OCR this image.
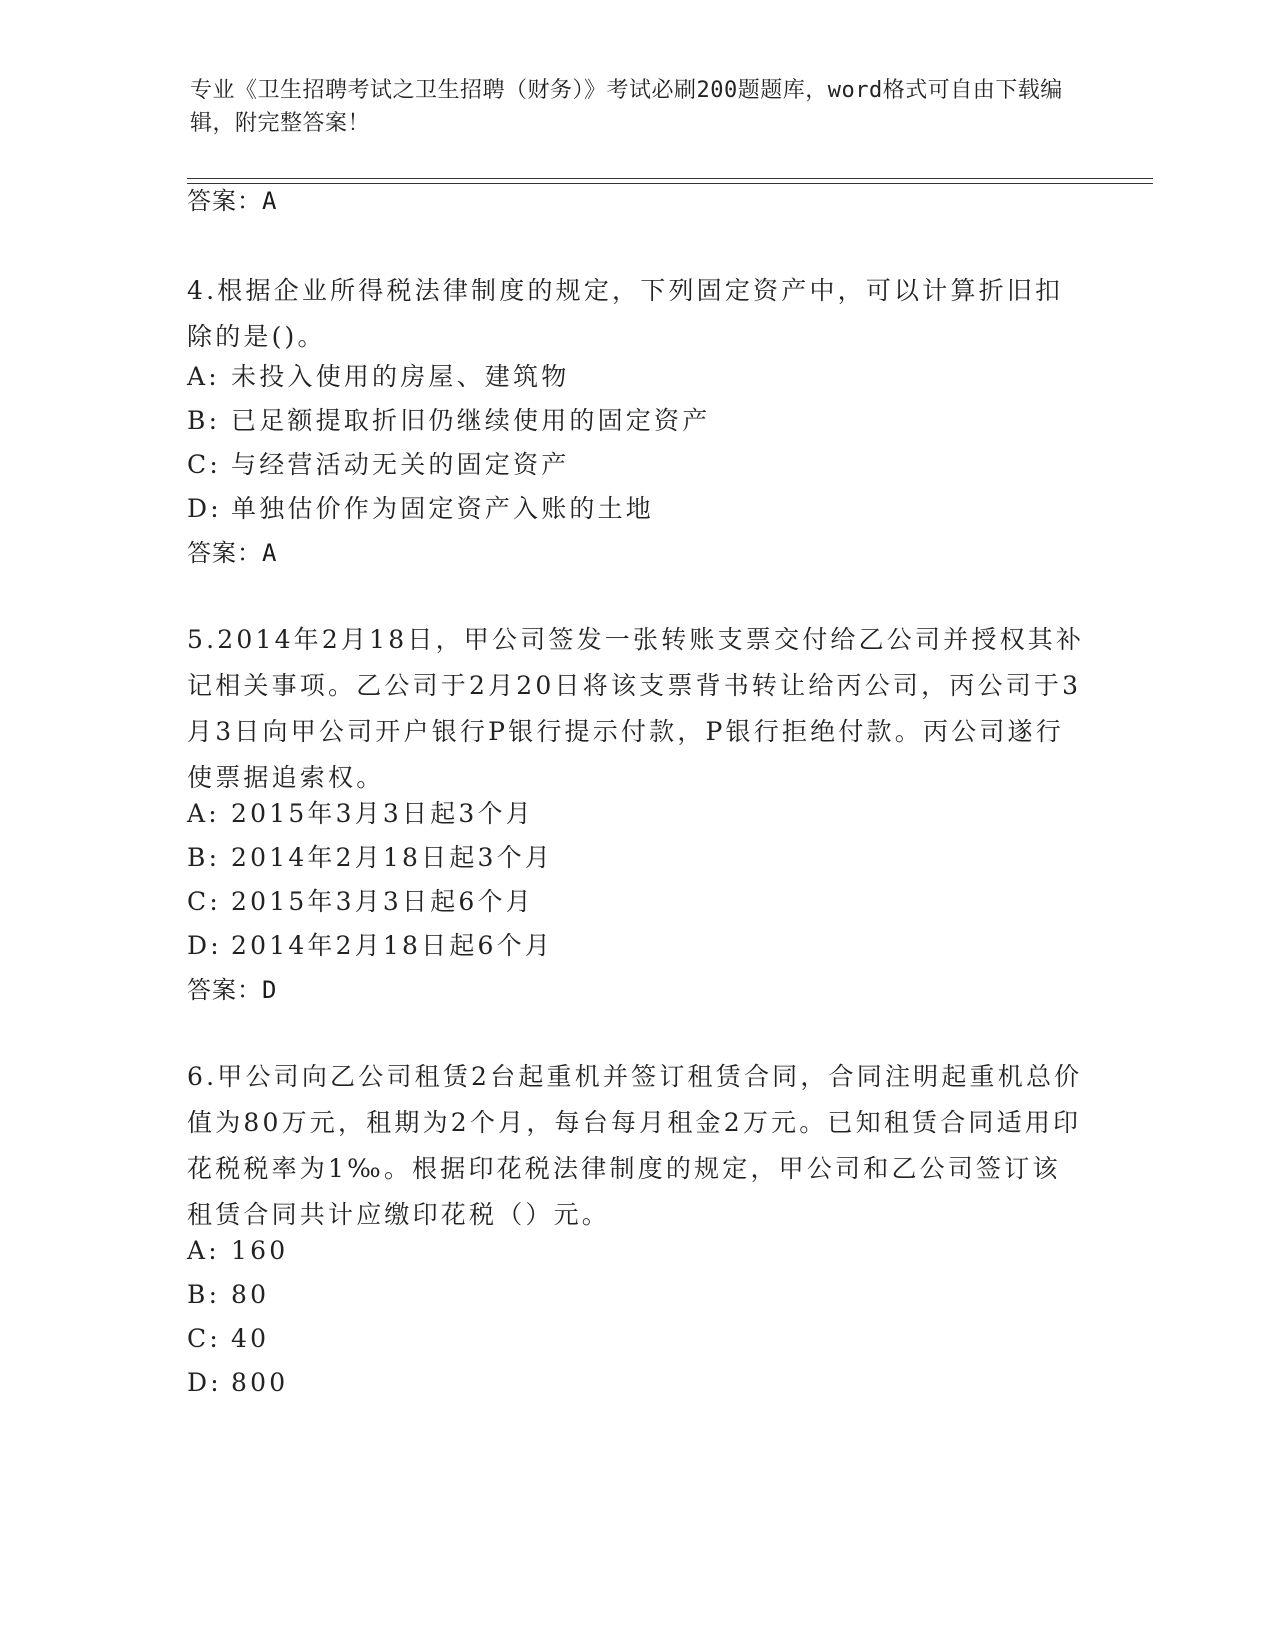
专业《卫生招聘考试之卫生招聘（财务）》考试必刷200题题库，word格式可自由下载编辑，附完整答案！
答案：A
4.根据企业所得税法律制度的规定，下列固定资产中，可以计算折旧扣除的是()。
A: 未投入使用的房屋、建筑物
B: 已足额提取折旧仍继续使用的固定资产
C: 与经营活动无关的固定资产
D: 单独估价作为固定资产入账的土地
答案：A
5.2014年2月18日，甲公司签发一张转账支票交付给乙公司并授权其补记相关事项。乙公司于2月20日将该支票背书转让给丙公司，丙公司于3月3日向甲公司开户银行P银行提示付款，P银行拒绝付款。丙公司遂行使票据追索权。
A: 2015年3月3日起3个月
B: 2014年2月18日起3个月
C: 2015年3月3日起6个月
D: 2014年2月18日起6个月
答案：D
6.甲公司向乙公司租赁2台起重机并签订租赁合同，合同注明起重机总价值为80万元，租期为2个月，每台每月租金2万元。已知租赁合同适用印花税税率为1‰。根据印花税法律制度的规定，甲公司和乙公司签订该租赁合同共计应缴印花税（）元。
A: 160
B: 80
C: 40
D: 800
